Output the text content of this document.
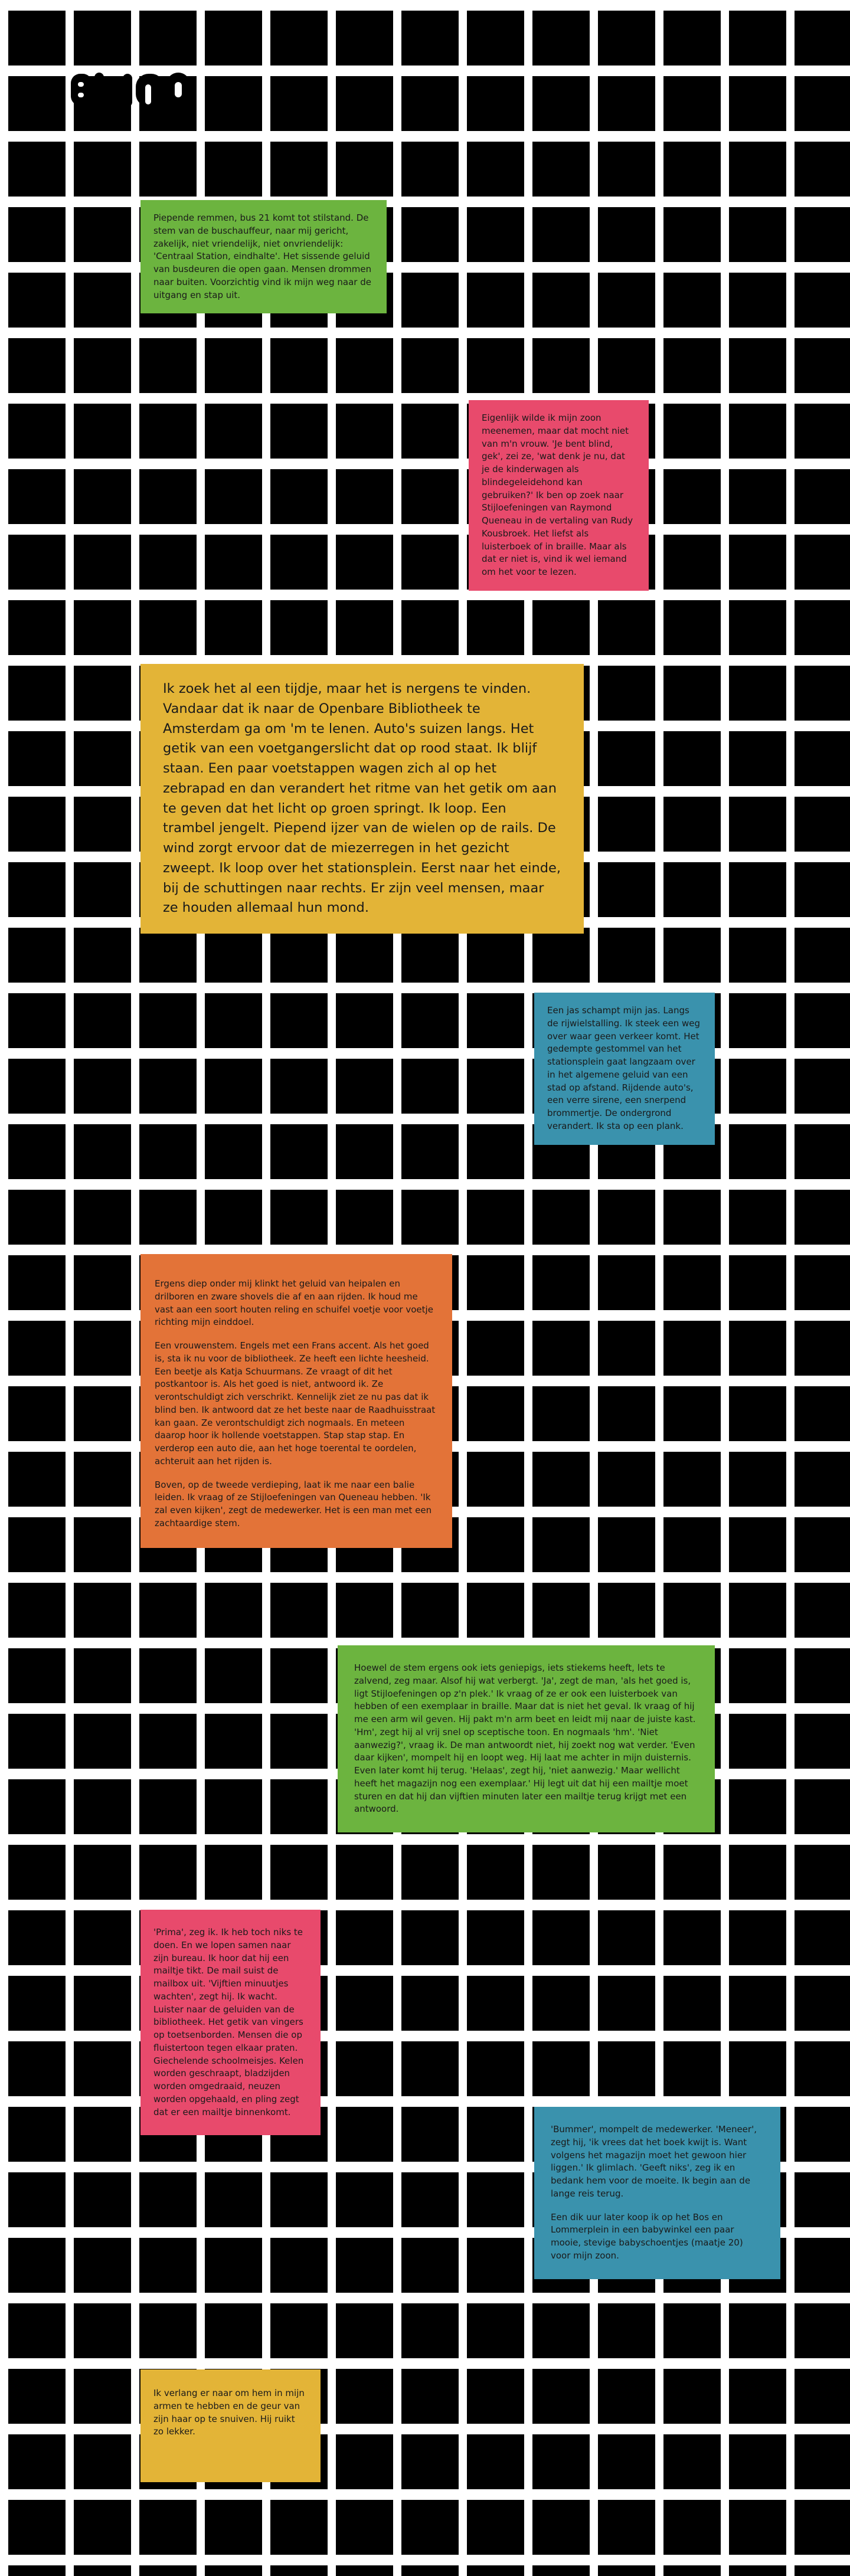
Piepende remmen, bus 21 komt tot stilstand. De stem van de buschauffeur, naar mij gericht, zakelijk, niet vriendelijk, niet onvriendelijk: 'Centraal Station, eindhalte'. Het sissende geluid van busdeuren die open gaan. Mensen drommen naar buiten. Voorzichtig vind ik mijn weg naar de uitgang en stap uit.

Eigenlijk wilde ik mijn zoon meenemen, maar dat mocht niet van m'n vrouw. 'Je bent blind, gek', zei ze, 'wat denk je nu, dat je de kinderwagen als blindegeleidehond kan gebruiken?' Ik ben op zoek naar Stijloefeningen van Raymond Queneau in de vertaling van Rudy Kousbroek. Het liefst als luisterboek of in braille. Maar als dat er niet is, vind ik wel iemand om het voor te lezen.

Ik zoek het al een tijdje, maar het is nergens te vinden. Vandaar dat ik naar de Openbare Bibliotheek te Amsterdam ga om 'm te lenen. Auto's suizen langs. Het getik van een voetgangerslicht dat op rood staat. Ik blijf staan. Een paar voetstappen wagen zich al op het zebrapad en dan verandert het ritme van het getik om aan te geven dat het licht op groen springt. Ik loop. Een trambel jengelt. Piepend ijzer van de wielen op de rails. De wind zorgt ervoor dat de miezerregen in het gezicht zweept. Ik loop over het stationsplein. Eerst naar het einde, bij de schuttingen naar rechts. Er zijn veel mensen, maar ze houden allemaal hun mond.

Een jas schampt mijn jas. Langs de rijwielstalling. Ik steek een weg over waar geen verkeer komt. Het gedempte gestommel van het stationsplein gaat langzaam over in het algemene geluid van een stad op afstand. Rijdende auto's, een verre sirene, een snerpend brommertje. De ondergrond verandert. Ik sta op een plank.

Ergens diep onder mij klinkt het geluid van heipalen en drilboren en zware shovels die af en aan rijden. Ik houd me vast aan een soort houten reling en schuifel voetje voor voetje richting mijn einddoel.

Een vrouwenstem. Engels met een Frans accent. Als het goed is, sta ik nu voor de bibliotheek. Ze heeft een lichte heesheid. Een beetje als Katja Schuurmans. Ze vraagt of dit het postkantoor is. Als het goed is niet, antwoord ik. Ze verontschuldigt zich verschrikt. Kennelijk ziet ze nu pas dat ik blind ben. Ik antwoord dat ze het beste naar de Raadhuisstraat kan gaan. Ze verontschuldigt zich nogmaals. En meteen daarop hoor ik hollende voetstappen. Stap stap stap. En verderop een auto die, aan het hoge toerental te oordelen, achteruit aan het rijden is.

Boven, op de tweede verdieping, laat ik me naar een balie leiden. Ik vraag of ze Stijloefeningen van Queneau hebben. 'Ik zal even kijken', zegt de medewerker. Het is een man met een zachtaardige stem.

Hoewel de stem ergens ook iets geniepigs, iets stiekems heeft, lets te zalvend, zeg maar. Alsof hij wat verbergt. 'Ja', zegt de man, 'als het goed is, ligt Stijloefeningen op z'n plek.' Ik vraag of ze er ook een luisterboek van hebben of een exemplaar in braille. Maar dat is niet het geval. Ik vraag of hij me een arm wil geven. Hij pakt m'n arm beet en leidt mij naar de juiste kast. 'Hm', zegt hij al vrij snel op sceptische toon. En nogmaals 'hm'. 'Niet aanwezig?', vraag ik. De man antwoordt niet, hij zoekt nog wat verder. 'Even daar kijken', mompelt hij en loopt weg. Hij laat me achter in mijn duisternis. Even later komt hij terug. 'Helaas', zegt hij, 'niet aanwezig.' Maar wellicht heeft het magazijn nog een exemplaar.' Hij legt uit dat hij een mailtje moet sturen en dat hij dan vijftien minuten later een mailtje terug krijgt met een antwoord.

'Prima', zeg ik. Ik heb toch niks te doen. En we lopen samen naar zijn bureau. Ik hoor dat hij een mailtje tikt. De mail suist de mailbox uit. 'Vijftien minuutjes wachten', zegt hij. Ik wacht. Luister naar de geluiden van de bibliotheek. Het getik van vingers op toetsenborden. Mensen die op fluistertoon tegen elkaar praten. Giechelende schoolmeisjes. Kelen worden geschraapt, bladzijden worden omgedraaid, neuzen worden opgehaald, en pling zegt dat er een mailtje binnenkomt.

'Bummer', mompelt de medewerker. 'Meneer', zegt hij, 'ik vrees dat het boek kwijt is. Want volgens het magazijn moet het gewoon hier liggen.' Ik glimlach. 'Geeft niks', zeg ik en bedank hem voor de moeite. Ik begin aan de lange reis terug.

Een dik uur later koop ik op het Bos en Lommerplein in een babywinkel een paar mooie, stevige babyschoentjes (maatje 20) voor mijn zoon.

Ik verlang er naar om hem in mijn armen te hebben en de geur van zijn haar op te snuiven. Hij ruikt zo lekker.
